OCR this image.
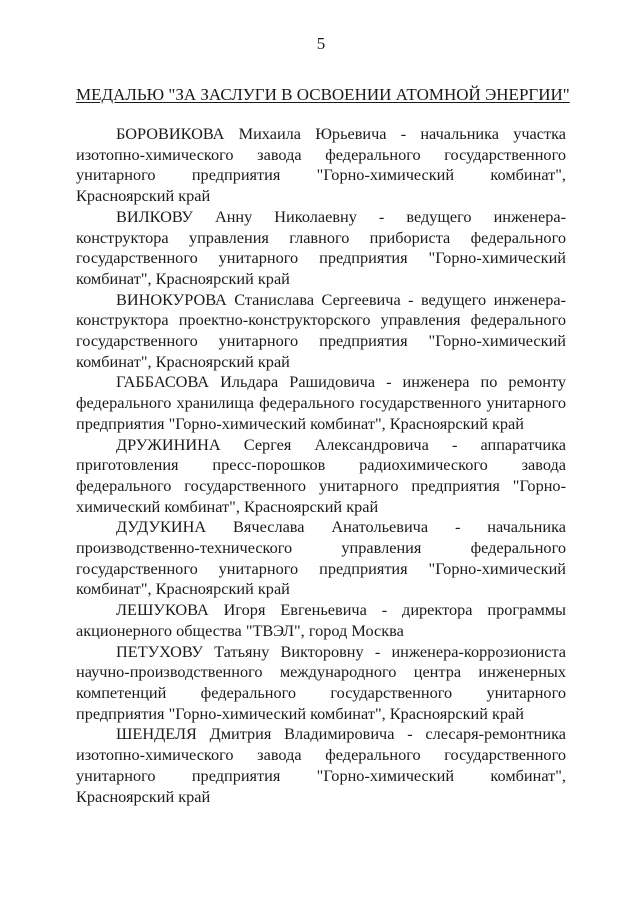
5
МЕДАЛЬЮ "ЗА ЗАСЛУГИ В ОСВОЕНИИ АТОМНОЙ ЭНЕРГИИ"

БОРОВИКОВА Михаила Юрьевича - начальника участка изотопно-химического завода федерального государственного унитарного предприятия "Горно-химический комбинат", Красноярский край

ВИЛКОВУ Анну Николаевну - ведущего инженера-конструктора управления главного прибориста федерального государственного унитарного предприятия "Горно-химический комбинат", Красноярский край

ВИНОКУРОВА Станислава Сергеевича - ведущего инженера-конструктора проектно-конструкторского управления федерального государственного унитарного предприятия "Горно-химический комбинат", Красноярский край

ГАББАСОВА Ильдара Рашидовича - инженера по ремонту федерального хранилища федерального государственного унитарного предприятия "Горно-химический комбинат", Красноярский край

ДРУЖИНИНА Сергея Александровича - аппаратчика приготовления пресс-порошков радиохимического завода федерального государственного унитарного предприятия "Горно-химический комбинат", Красноярский край

ДУДУКИНА Вячеслава Анатольевича - начальника производственно-технического управления федерального государственного унитарного предприятия "Горно-химический комбинат", Красноярский край

ЛЕШУКОВА Игоря Евгеньевича - директора программы акционерного общества "ТВЭЛ", город Москва

ПЕТУХОВУ Татьяну Викторовну - инженера-коррозиониста научно-производственного международного центра инженерных компетенций федерального государственного унитарного предприятия "Горно-химический комбинат", Красноярский край

ШЕНДЕЛЯ Дмитрия Владимировича - слесаря-ремонтника изотопно-химического завода федерального государственного унитарного предприятия "Горно-химический комбинат", Красноярский край
